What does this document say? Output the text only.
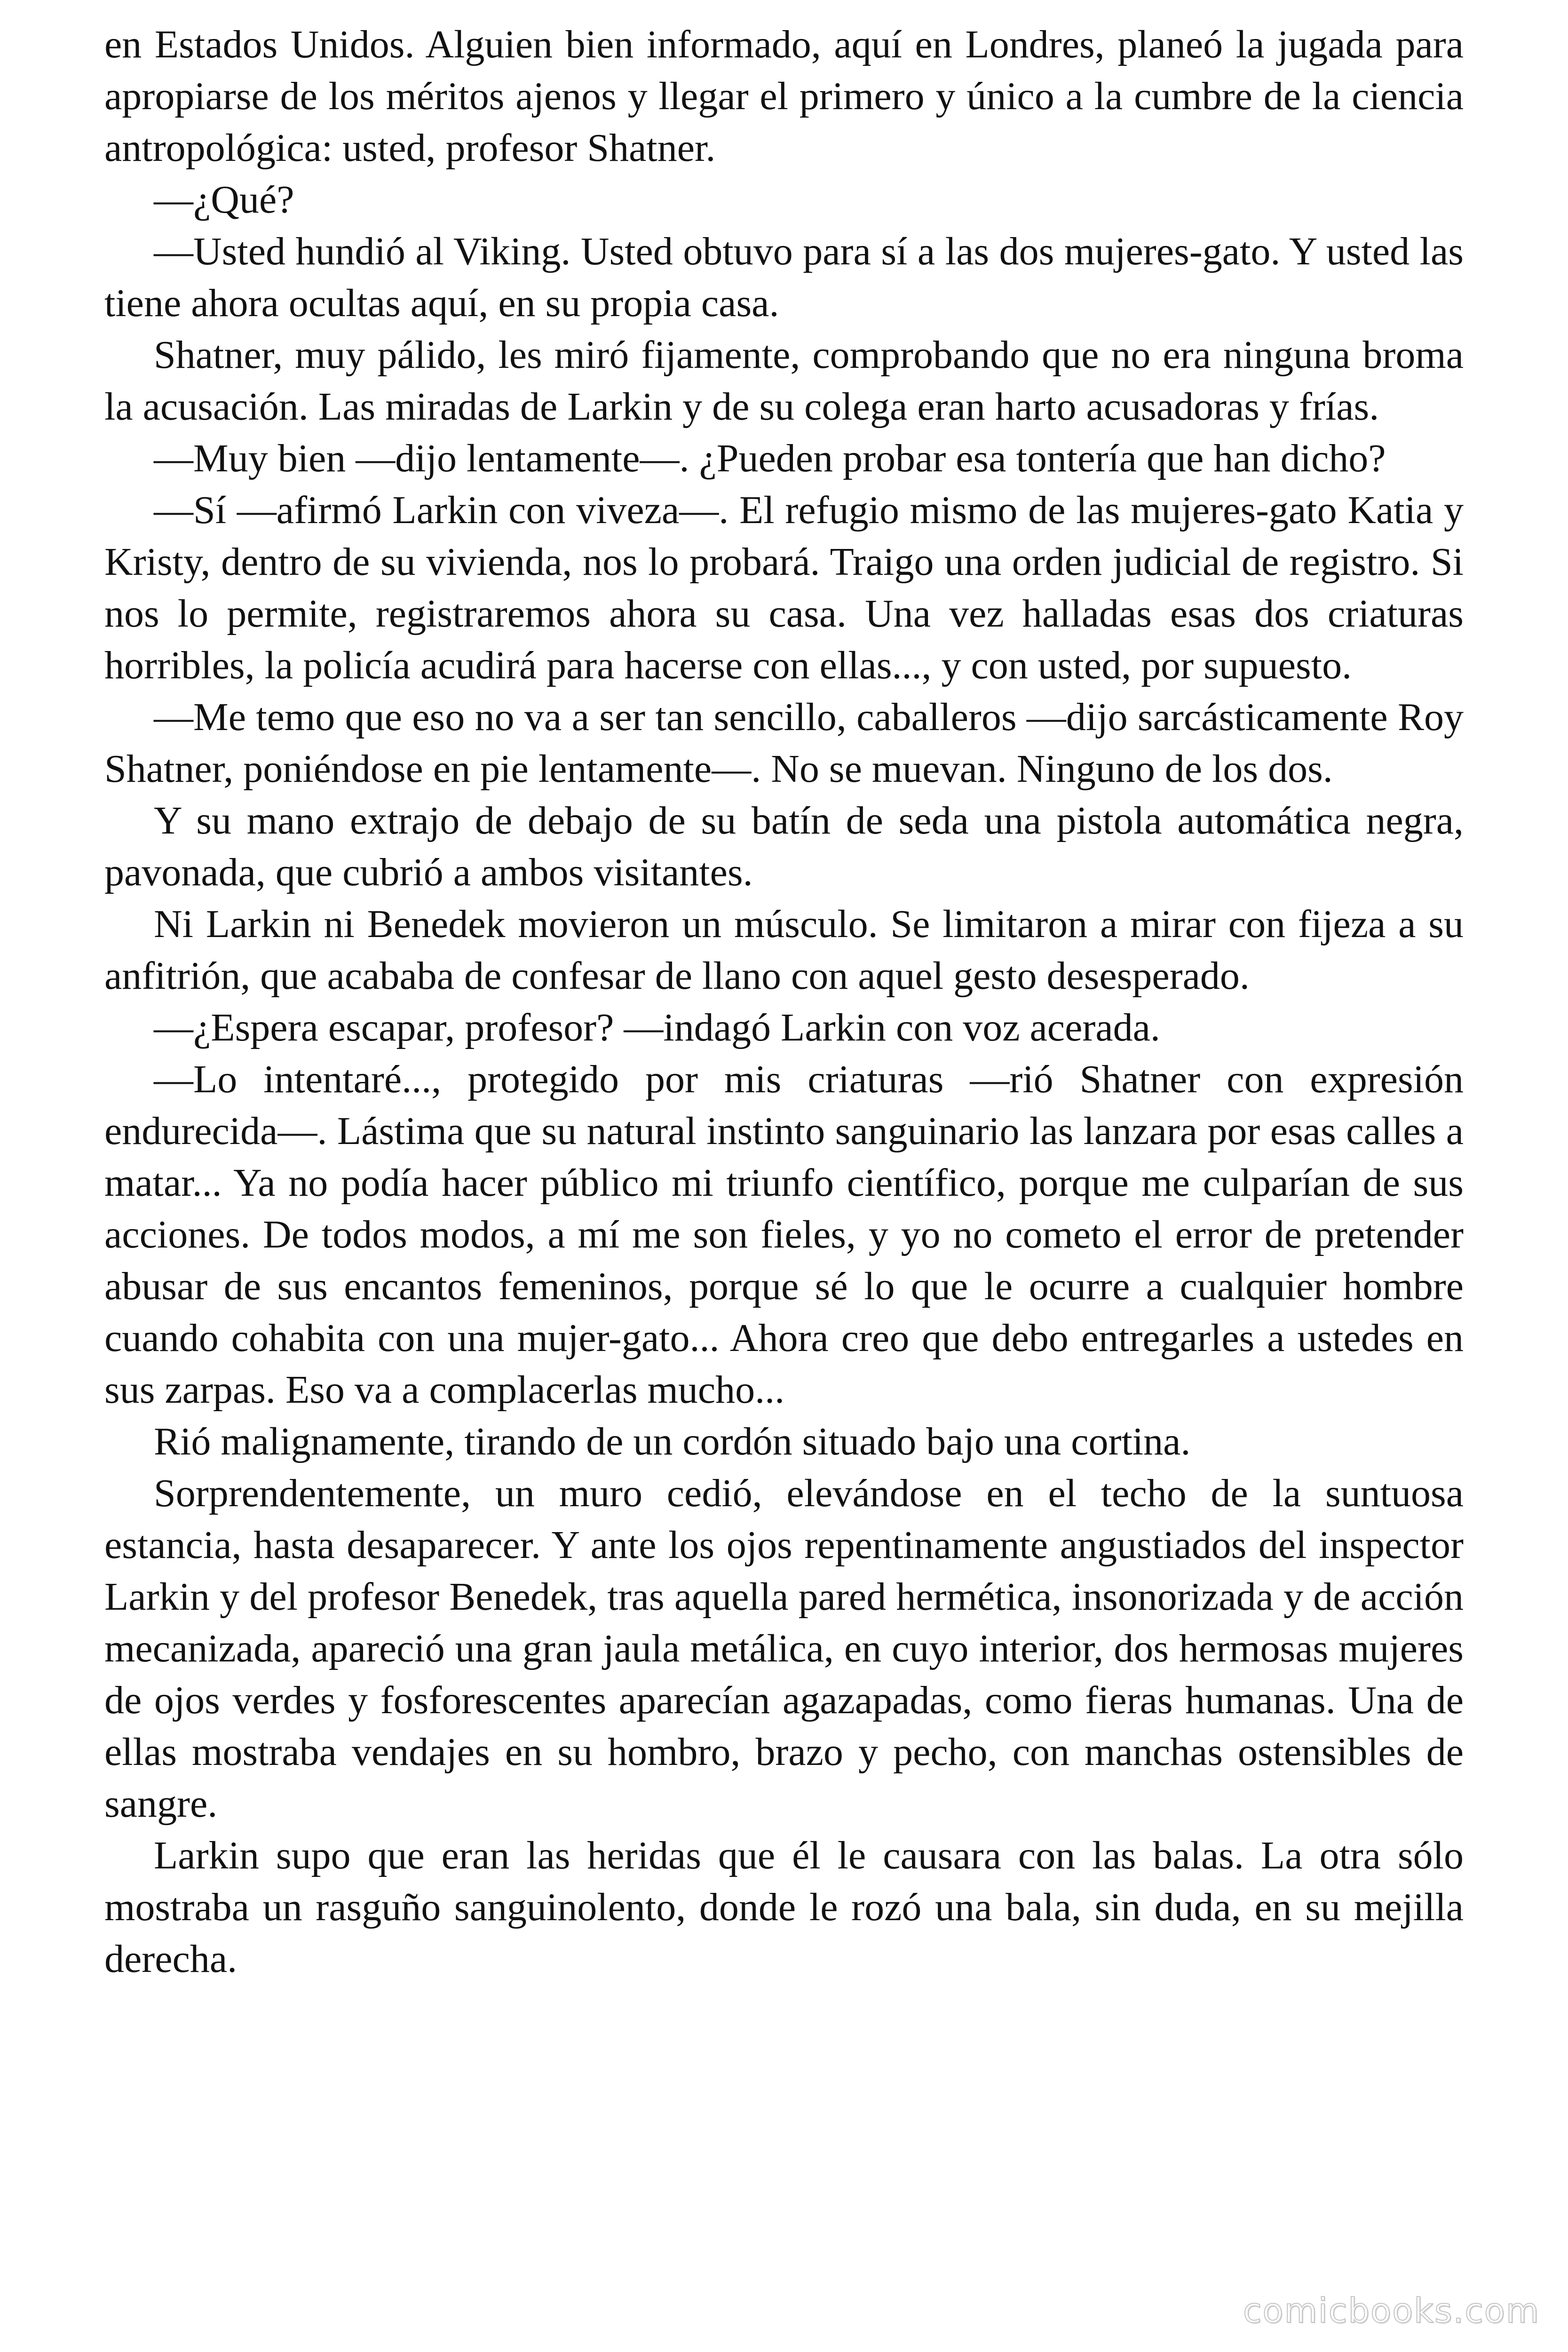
en Estados Unidos. Alguien bien informado, aquí en Londres, planeó la jugada para apropiarse de los méritos ajenos y llegar el primero y único a la cumbre de la ciencia antropológica: usted, profesor Shatner.

—¿Qué?

—Usted hundió al Viking. Usted obtuvo para sí a las dos mujeres-gato. Y usted las tiene ahora ocultas aquí, en su propia casa.

Shatner, muy pálido, les miró fijamente, comprobando que no era ninguna broma la acusación. Las miradas de Larkin y de su colega eran harto acusadoras y frías.

—Muy bien —dijo lentamente—. ¿Pueden probar esa tontería que han dicho?

—Sí —afirmó Larkin con viveza—. El refugio mismo de las mujeres-gato Katia y Kristy, dentro de su vivienda, nos lo probará. Traigo una orden judicial de registro. Si nos lo permite, registraremos ahora su casa. Una vez halladas esas dos criaturas horribles, la policía acudirá para hacerse con ellas..., y con usted, por supuesto.

—Me temo que eso no va a ser tan sencillo, caballeros —dijo sarcásticamente Roy Shatner, poniéndose en pie lentamente—. No se muevan. Ninguno de los dos.

Y su mano extrajo de debajo de su batín de seda una pistola automática negra, pavonada, que cubrió a ambos visitantes.

Ni Larkin ni Benedek movieron un músculo. Se limitaron a mirar con fijeza a su anfitrión, que acababa de confesar de llano con aquel gesto desesperado.

—¿Espera escapar, profesor? —indagó Larkin con voz acerada.

—Lo intentaré..., protegido por mis criaturas —rió Shatner con expresión endurecida—. Lástima que su natural instinto sanguinario las lanzara por esas calles a matar... Ya no podía hacer público mi triunfo científico, porque me culparían de sus acciones. De todos modos, a mí me son fieles, y yo no cometo el error de pretender abusar de sus encantos femeninos, porque sé lo que le ocurre a cualquier hombre cuando cohabita con una mujer-gato... Ahora creo que debo entregarles a ustedes en sus zarpas. Eso va a complacerlas mucho...

Rió malignamente, tirando de un cordón situado bajo una cortina.

Sorprendentemente, un muro cedió, elevándose en el techo de la suntuosa estancia, hasta desaparecer. Y ante los ojos repentinamente angustiados del inspector Larkin y del profesor Benedek, tras aquella pared hermética, insonorizada y de acción mecanizada, apareció una gran jaula metálica, en cuyo interior, dos hermosas mujeres de ojos verdes y fosforescentes aparecían agazapadas, como fieras humanas. Una de ellas mostraba vendajes en su hombro, brazo y pecho, con manchas ostensibles de sangre.

Larkin supo que eran las heridas que él le causara con las balas. La otra sólo mostraba un rasguño sanguinolento, donde le rozó una bala, sin duda, en su mejilla derecha.

comicbooks.com
